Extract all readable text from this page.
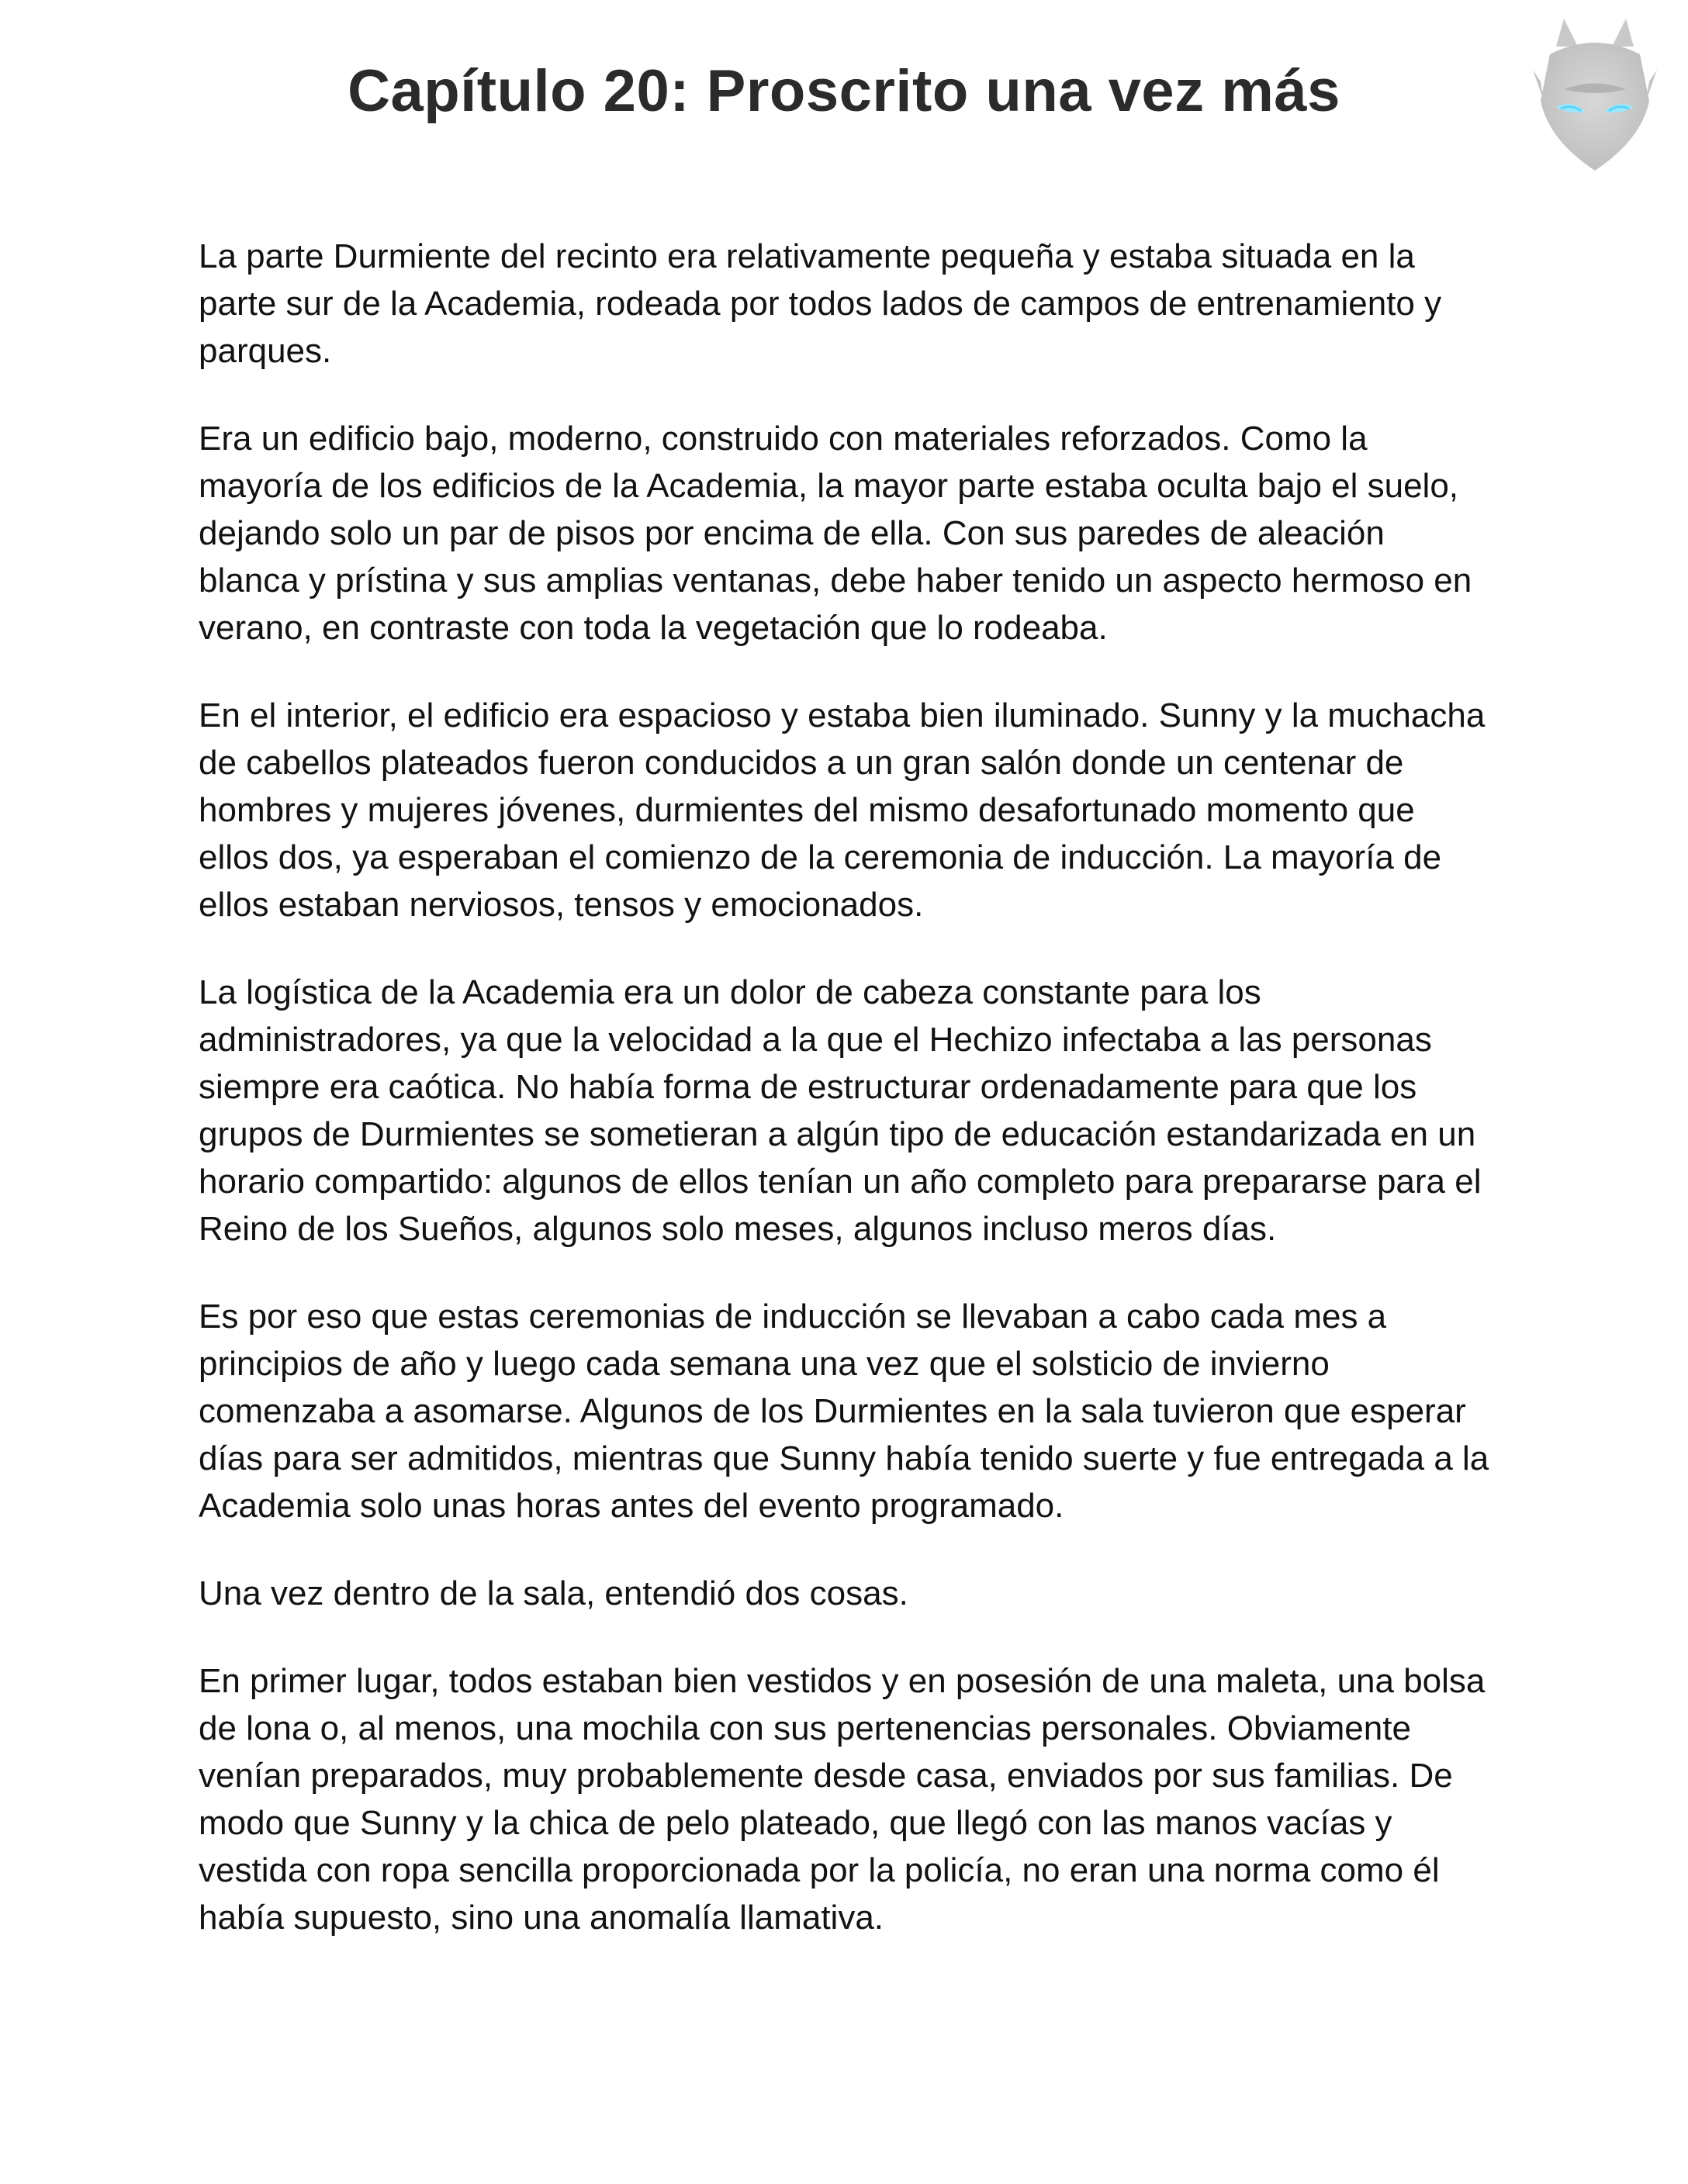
Capítulo 20: Proscrito una vez más

La parte Durmiente del recinto era relativamente pequeña y estaba situada en la parte sur de la Academia, rodeada por todos lados de campos de entrenamiento y parques.

Era un edificio bajo, moderno, construido con materiales reforzados. Como la mayoría de los edificios de la Academia, la mayor parte estaba oculta bajo el suelo, dejando solo un par de pisos por encima de ella. Con sus paredes de aleación blanca y prístina y sus amplias ventanas, debe haber tenido un aspecto hermoso en verano, en contraste con toda la vegetación que lo rodeaba.

En el interior, el edificio era espacioso y estaba bien iluminado. Sunny y la muchacha de cabellos plateados fueron conducidos a un gran salón donde un centenar de hombres y mujeres jóvenes, durmientes del mismo desafortunado momento que ellos dos, ya esperaban el comienzo de la ceremonia de inducción. La mayoría de ellos estaban nerviosos, tensos y emocionados.

La logística de la Academia era un dolor de cabeza constante para los administradores, ya que la velocidad a la que el Hechizo infectaba a las personas siempre era caótica. No había forma de estructurar ordenadamente para que los grupos de Durmientes se sometieran a algún tipo de educación estandarizada en un horario compartido: algunos de ellos tenían un año completo para prepararse para el Reino de los Sueños, algunos solo meses, algunos incluso meros días.

Es por eso que estas ceremonias de inducción se llevaban a cabo cada mes a principios de año y luego cada semana una vez que el solsticio de invierno comenzaba a asomarse. Algunos de los Durmientes en la sala tuvieron que esperar días para ser admitidos, mientras que Sunny había tenido suerte y fue entregada a la Academia solo unas horas antes del evento programado.

Una vez dentro de la sala, entendió dos cosas.

En primer lugar, todos estaban bien vestidos y en posesión de una maleta, una bolsa de lona o, al menos, una mochila con sus pertenencias personales. Obviamente venían preparados, muy probablemente desde casa, enviados por sus familias. De modo que Sunny y la chica de pelo plateado, que llegó con las manos vacías y vestida con ropa sencilla proporcionada por la policía, no eran una norma como él había supuesto, sino una anomalía llamativa.
